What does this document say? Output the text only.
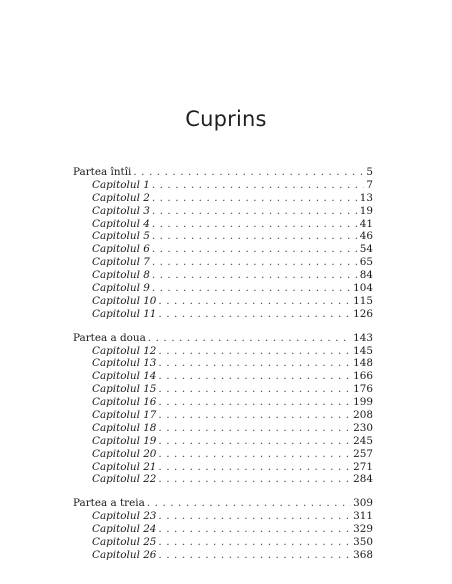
Cuprins
Partea întîi . . .	5
Capitolul 1 . . .	7
Capitolul 2 . . .	13
Capitolul 3 . . .	19
Capitolul 4 . . .	41
Capitolul 5 . . .	46
Capitolul 6 . . .	54
Capitolul 7 . . .	65
Capitolul 8 . . .	84
Capitolul 9 . . .	104
Capitolul 10 . . .	115
Capitolul 11 . . .	126
Partea a doua . . .	143
Capitolul 12 . . .	145
Capitolul 13 . . .	148
Capitolul 14 . . .	166
Capitolul 15 . . .	176
Capitolul 16 . . .	199
Capitolul 17 . . .	208
Capitolul 18 . . .	230
Capitolul 19 . . .	245
Capitolul 20 . . .	257
Capitolul 21 . . .	271
Capitolul 22 . . .	284
Partea a treia . . .	309
Capitolul 23 . . .	311
Capitolul 24 . . .	329
Capitolul 25 . . .	350
Capitolul 26 . . .	368
